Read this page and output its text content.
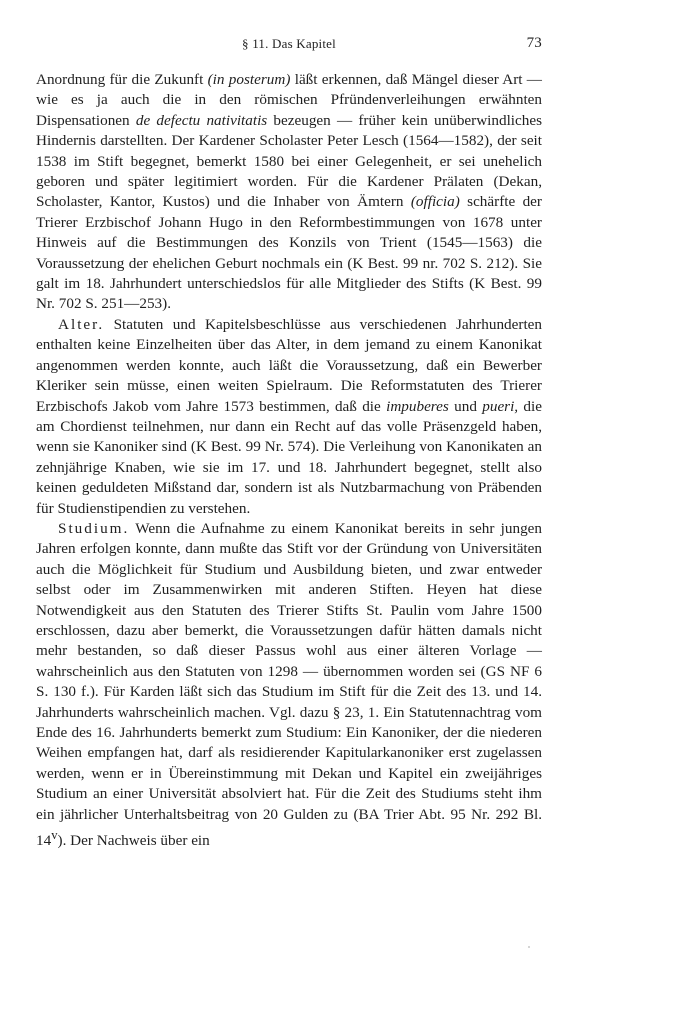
§ 11. Das Kapitel	73

Anordnung für die Zukunft (in posterum) läßt erkennen, daß Mängel dieser Art — wie es ja auch die in den römischen Pfründenverleihungen erwähnten Dispensationen de defectu nativitatis bezeugen — früher kein unüberwindliches Hindernis darstellten. Der Kardener Scholaster Peter Lesch (1564—1582), der seit 1538 im Stift begegnet, bemerkt 1580 bei einer Gelegenheit, er sei unehelich geboren und später legitimiert worden. Für die Kardener Prälaten (Dekan, Scholaster, Kantor, Kustos) und die Inhaber von Ämtern (officia) schärfte der Trierer Erzbischof Johann Hugo in den Reformbestimmungen von 1678 unter Hinweis auf die Bestimmungen des Konzils von Trient (1545—1563) die Voraussetzung der ehelichen Geburt nochmals ein (K Best. 99 nr. 702 S. 212). Sie galt im 18. Jahrhundert unterschiedslos für alle Mitglieder des Stifts (K Best. 99 Nr. 702 S. 251—253).

Alter. Statuten und Kapitelsbeschlüsse aus verschiedenen Jahrhunderten enthalten keine Einzelheiten über das Alter, in dem jemand zu einem Kanonikat angenommen werden konnte, auch läßt die Voraussetzung, daß ein Bewerber Kleriker sein müsse, einen weiten Spielraum. Die Reformstatuten des Trierer Erzbischofs Jakob vom Jahre 1573 bestimmen, daß die impuberes und pueri, die am Chordienst teilnehmen, nur dann ein Recht auf das volle Präsenzgeld haben, wenn sie Kanoniker sind (K Best. 99 Nr. 574). Die Verleihung von Kanonikaten an zehnjährige Knaben, wie sie im 17. und 18. Jahrhundert begegnet, stellt also keinen geduldeten Mißstand dar, sondern ist als Nutzbarmachung von Präbenden für Studienstipendien zu verstehen.

Studium. Wenn die Aufnahme zu einem Kanonikat bereits in sehr jungen Jahren erfolgen konnte, dann mußte das Stift vor der Gründung von Universitäten auch die Möglichkeit für Studium und Ausbildung bieten, und zwar entweder selbst oder im Zusammenwirken mit anderen Stiften. Heyen hat diese Notwendigkeit aus den Statuten des Trierer Stifts St. Paulin vom Jahre 1500 erschlossen, dazu aber bemerkt, die Voraussetzungen dafür hätten damals nicht mehr bestanden, so daß dieser Passus wohl aus einer älteren Vorlage — wahrscheinlich aus den Statuten von 1298 — übernommen worden sei (GS NF 6 S. 130 f.). Für Karden läßt sich das Studium im Stift für die Zeit des 13. und 14. Jahrhunderts wahrscheinlich machen. Vgl. dazu § 23, 1. Ein Statutennachtrag vom Ende des 16. Jahrhunderts bemerkt zum Studium: Ein Kanoniker, der die niederen Weihen empfangen hat, darf als residierender Kapitularkanoniker erst zugelassen werden, wenn er in Übereinstimmung mit Dekan und Kapitel ein zweijähriges Studium an einer Universität absolviert hat. Für die Zeit des Studiums steht ihm ein jährlicher Unterhaltsbeitrag von 20 Gulden zu (BA Trier Abt. 95 Nr. 292 Bl. 14$^v$). Der Nachweis über ein
